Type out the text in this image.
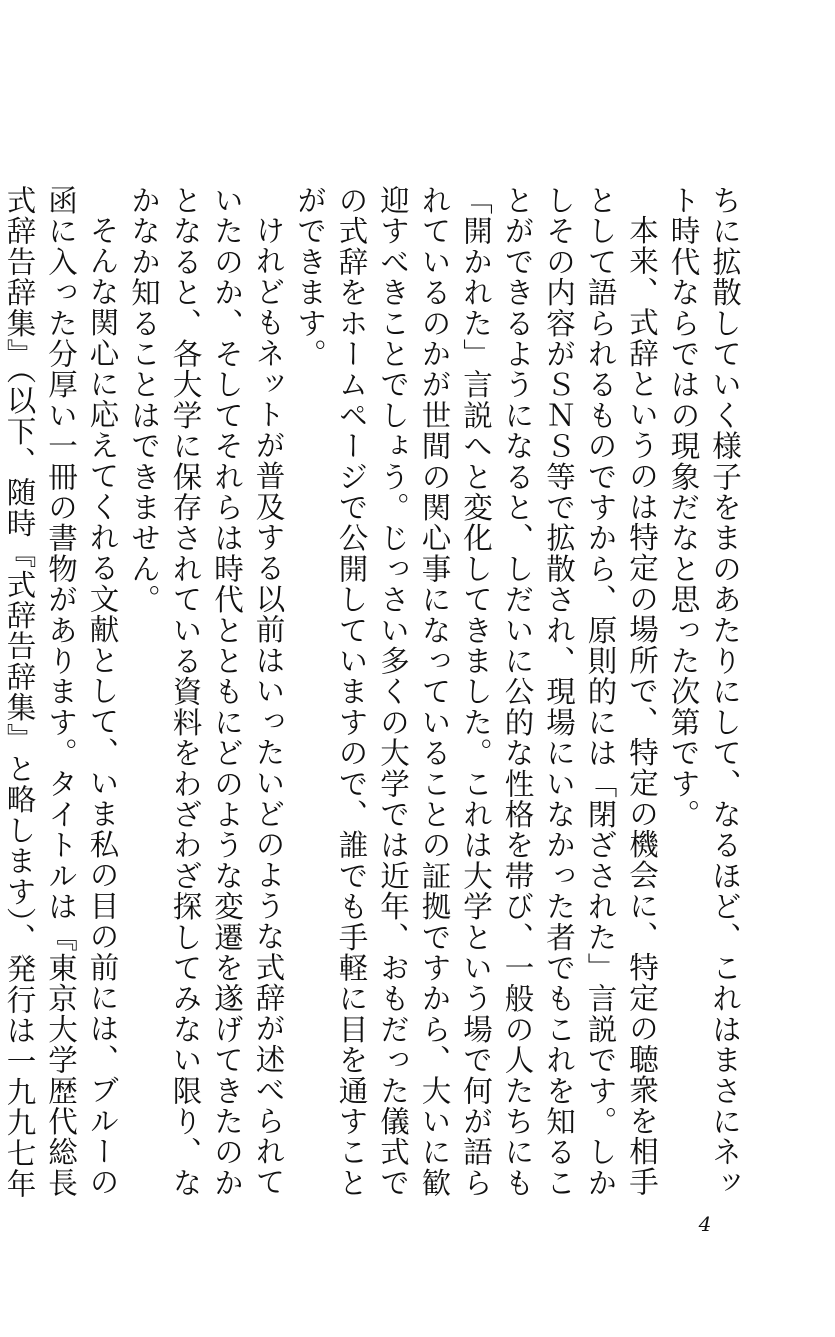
ちに拡散していく様子をまのあたりにして、なるほど、これはまさにネット時代ならではの現象だなと思った次第です。

本来、式辞というのは特定の場所で、特定の機会に、特定の聴衆を相手として語られるものですから、原則的には「閉ざされた」言説です。しかしその内容がＳＮＳ等で拡散され、現場にいなかった者でもこれを知ることができるようになると、しだいに公的な性格を帯び、一般の人たちにも「開かれた」言説へと変化してきました。これは大学という場で何が語られているのかが世間の関心事になっていることの証拠ですから、大いに歓迎すべきことでしょう。じっさい多くの大学では近年、おもだった儀式での式辞をホームページで公開していますので、誰でも手軽に目を通すことができます。

けれどもネットが普及する以前はいったいどのような式辞が述べられていたのか、そしてそれらは時代とともにどのような変遷を遂げてきたのかとなると、各大学に保存されている資料をわざわざ探してみない限り、なかなか知ることはできません。

そんな関心に応えてくれる文献として、いま私の目の前には、ブルーの函に入った分厚い一冊の書物があります。タイトルは『東京大学歴代総長式辞告辞集』（以下、随時『式辞告辞集』と略します）、発行は一九九七年

4
